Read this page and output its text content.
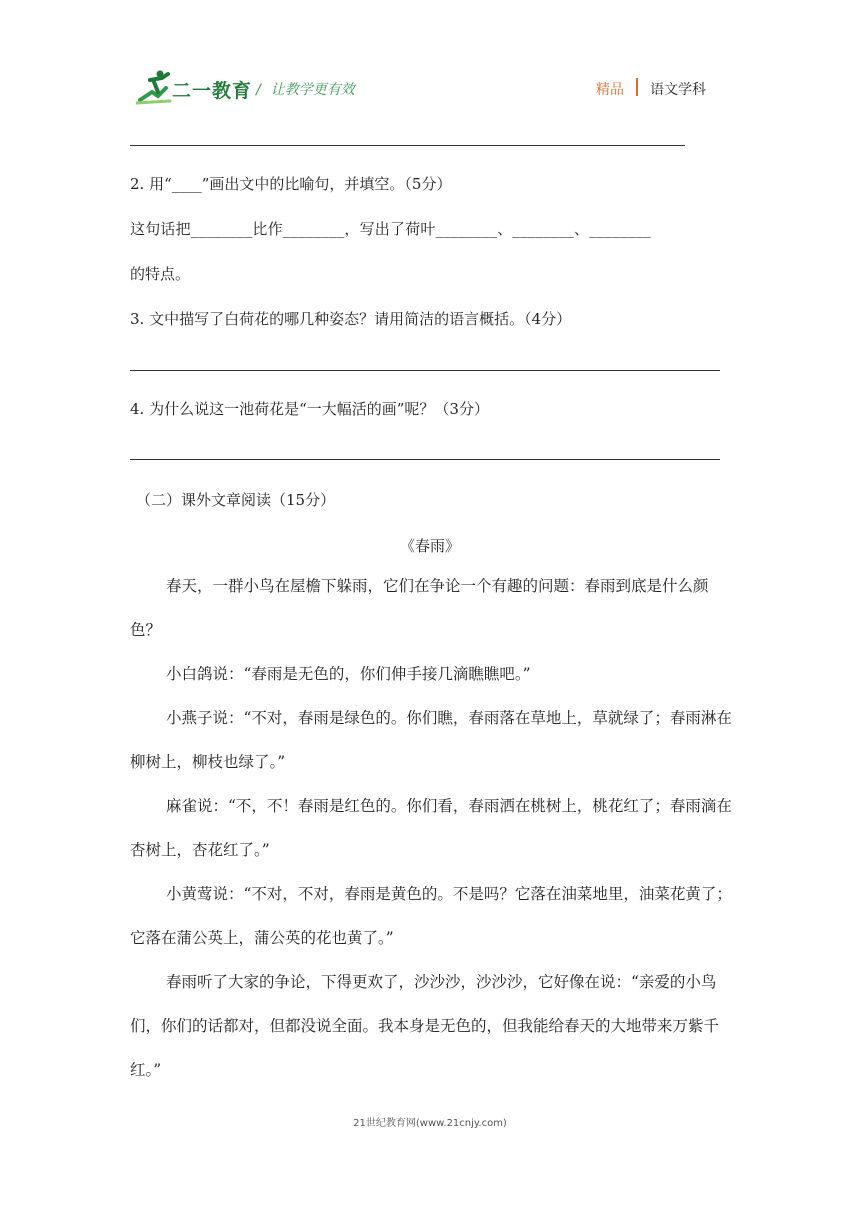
二一教育 / 让教学更有效	精品 语文学科
2. 用“____”画出文中的比喻句，并填空。（5分）
这句话把________比作________，写出了荷叶________、________、________
的特点。
3. 文中描写了白荷花的哪几种姿态？请用简洁的语言概括。（4分）
4. 为什么说这一池荷花是“一大幅活的画”呢？（3分）
（二）课外文章阅读（15分）
《春雨》
春天，一群小鸟在屋檐下躲雨，它们在争论一个有趣的问题：春雨到底是什么颜色？
小白鸽说：“春雨是无色的，你们伸手接几滴瞧瞧吧。”
小燕子说：“不对，春雨是绿色的。你们瞧，春雨落在草地上，草就绿了；春雨淋在柳树上，柳枝也绿了。”
麻雀说：“不，不！春雨是红色的。你们看，春雨洒在桃树上，桃花红了；春雨滴在杏树上，杏花红了。”
小黄莺说：“不对，不对，春雨是黄色的。不是吗？它落在油菜地里，油菜花黄了；它落在蒲公英上，蒲公英的花也黄了。”
春雨听了大家的争论，下得更欢了，沙沙沙，沙沙沙，它好像在说：“亲爱的小鸟们，你们的话都对，但都没说全面。我本身是无色的，但我能给春天的大地带来万紫千红。”
21世纪教育网(www.21cnjy.com)
